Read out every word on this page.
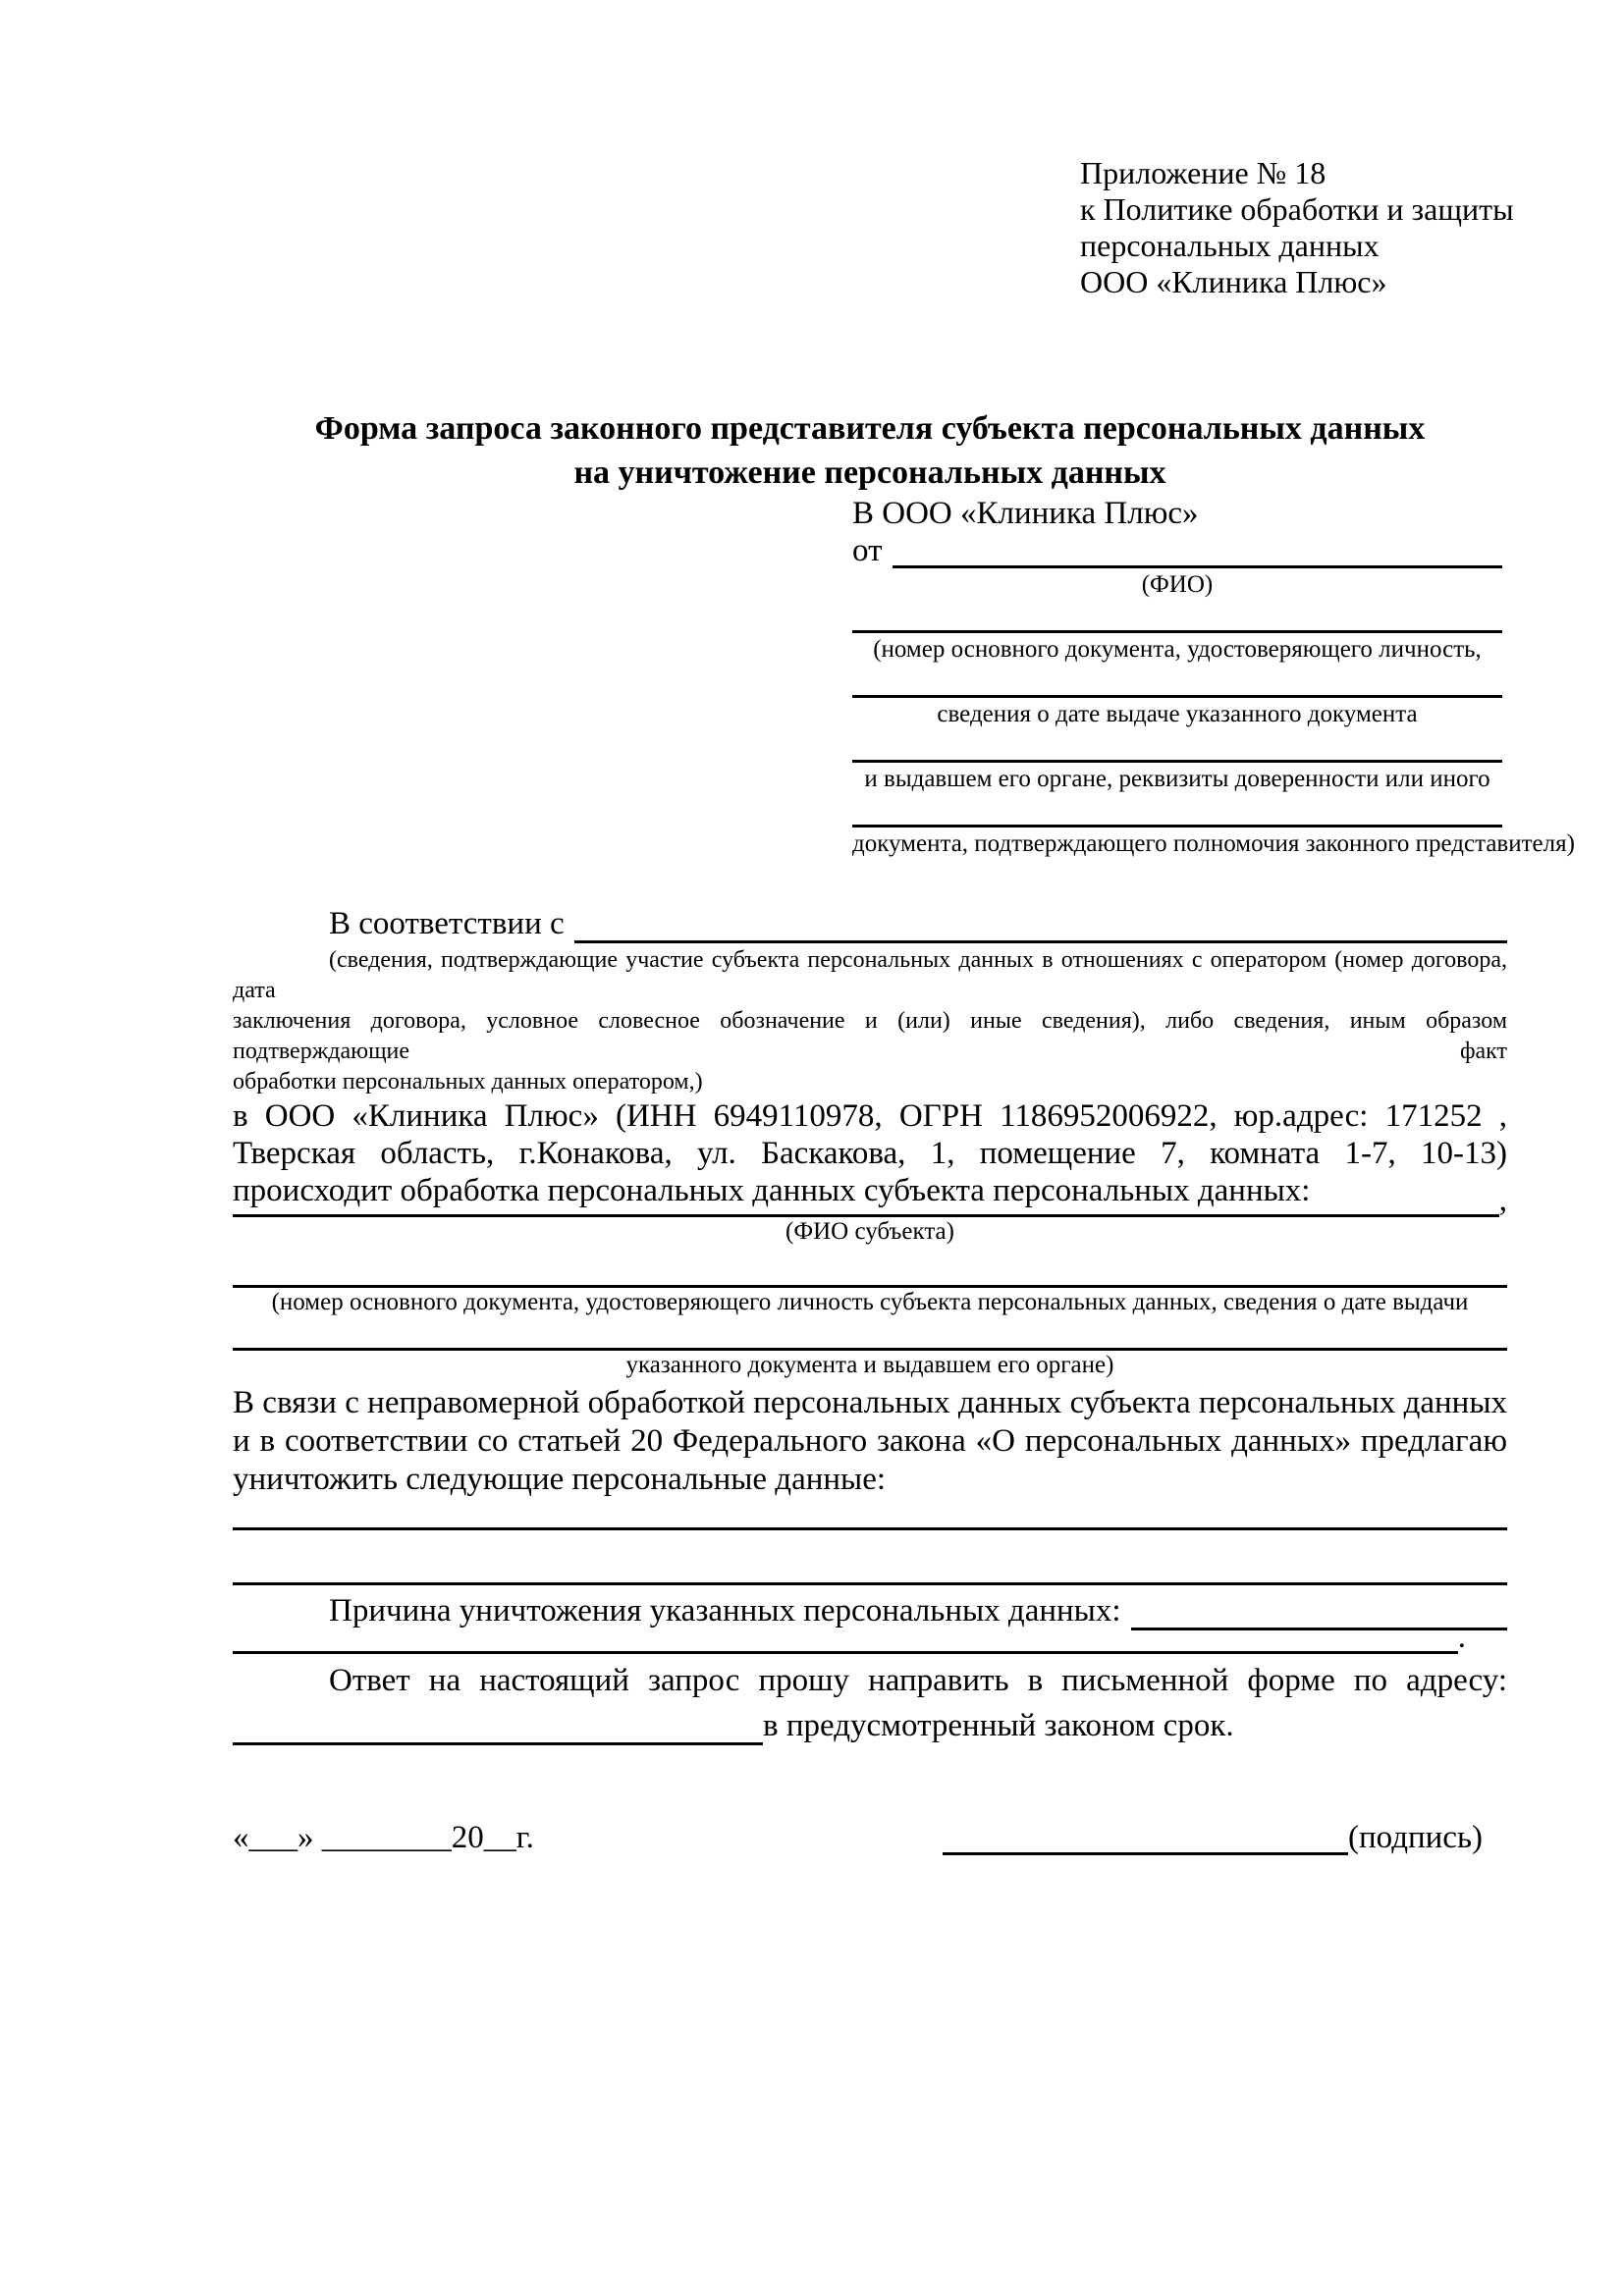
Приложение № 18
к Политике обработки и защиты
персональных данных
ООО «Клиника Плюс»
Форма запроса законного представителя субъекта персональных данных
на уничтожение персональных данных
В ООО «Клиника Плюс»
от
(ФИО)
(номер основного документа, удостоверяющего личность,
сведения о дате выдаче указанного документа
и выдавшем его органе, реквизиты доверенности или иного
документа, подтверждающего полномочия законного представителя)
В соответствии с
(сведения, подтверждающие участие субъекта персональных данных в отношениях с оператором (номер договора, дата
заключения договора, условное словесное обозначение и (или) иные сведения), либо сведения, иным образом подтверждающие факт
обработки персональных данных оператором,)
в ООО «Клиника Плюс» (ИНН 6949110978, ОГРН 1186952006922, юр.адрес: 171252 ,
Тверская область, г.Конакова, ул. Баскакова, 1, помещение 7, комната 1-7, 10-13)
происходит обработка персональных данных субъекта персональных данных:	,
(ФИО субъекта)
(номер основного документа, удостоверяющего личность субъекта персональных данных, сведения о дате выдачи
указанного документа и выдавшем его органе)
В связи с неправомерной обработкой персональных данных субъекта персональных данных
и в соответствии со статьей 20 Федерального закона «О персональных данных» предлагаю
уничтожить следующие персональные данные:
Причина уничтожения указанных персональных данных:
.
Ответ на настоящий запрос прошу направить в письменной форме по адресу:
в предусмотренный законом срок.
«___» ________20__г.	(подпись)
